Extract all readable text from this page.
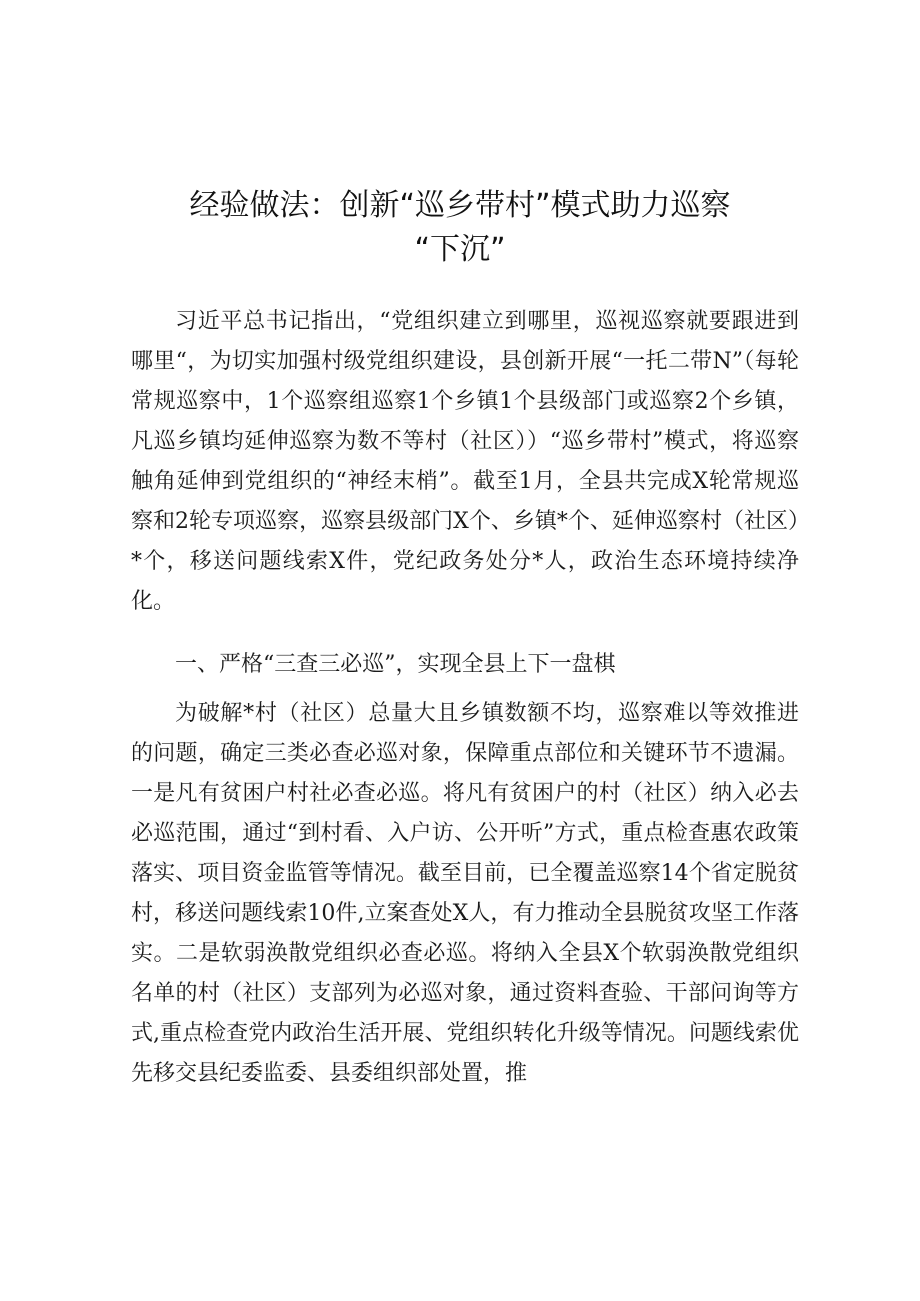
经验做法：创新“巡乡带村”模式助力巡察
“下沉”

习近平总书记指出，“党组织建立到哪里，巡视巡察就要跟进到哪里“，为切实加强村级党组织建设，县创新开展“一托二带N”（每轮常规巡察中，1个巡察组巡察1个乡镇1个县级部门或巡察2个乡镇，凡巡乡镇均延伸巡察为数不等村（社区））“巡乡带村”模式，将巡察触角延伸到党组织的“神经末梢”。截至1月，全县共完成X轮常规巡察和2轮专项巡察，巡察县级部门X个、乡镇*个、延伸巡察村（社区）*个，移送问题线索X件，党纪政务处分*人，政治生态环境持续净化。

一、严格“三查三必巡”，实现全县上下一盘棋

为破解*村（社区）总量大且乡镇数额不均，巡察难以等效推进的问题，确定三类必查必巡对象，保障重点部位和关键环节不遗漏。一是凡有贫困户村社必查必巡。将凡有贫困户的村（社区）纳入必去必巡范围，通过“到村看、入户访、公开听”方式，重点检查惠农政策落实、项目资金监管等情况。截至目前，已全覆盖巡察14个省定脱贫村，移送问题线索10件,立案查处X人，有力推动全县脱贫攻坚工作落实。二是软弱涣散党组织必查必巡。将纳入全县X个软弱涣散党组织名单的村（社区）支部列为必巡对象，通过资料查验、干部问询等方式,重点检查党内政治生活开展、党组织转化升级等情况。问题线索优先移交县纪委监委、县委组织部处置，推
